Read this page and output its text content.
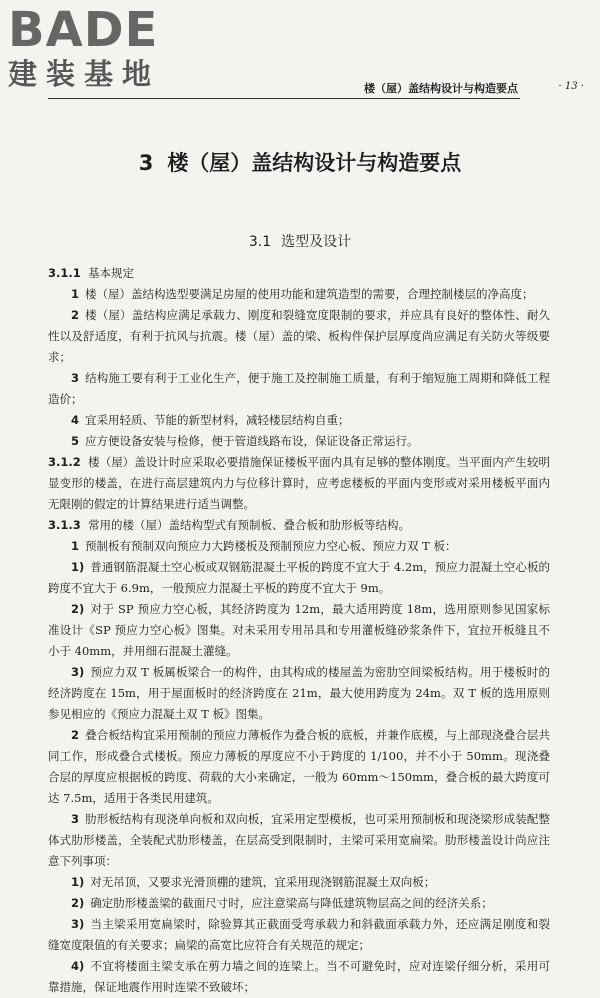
BADE
建装基地	楼（屋）盖结构设计与构造要点	· 13 ·
3 楼（屋）盖结构设计与构造要点
3.1 选型及设计

3.1.1 基本规定

1 楼（屋）盖结构选型要满足房屋的使用功能和建筑造型的需要，合理控制楼层的净高度；

2 楼（屋）盖结构应满足承载力、刚度和裂缝宽度限制的要求，并应具有良好的整体性、耐久性以及舒适度，有利于抗风与抗震。楼（屋）盖的梁、板构件保护层厚度尚应满足有关防火等级要求；

3 结构施工要有利于工业化生产，便于施工及控制施工质量，有利于缩短施工周期和降低工程造价；

4 宜采用轻质、节能的新型材料，减轻楼层结构自重；

5 应方便设备安装与检修，便于管道线路布设，保证设备正常运行。

3.1.2 楼（屋）盖设计时应采取必要措施保证楼板平面内具有足够的整体刚度。当平面内产生较明显变形的楼盖，在进行高层建筑内力与位移计算时，应考虑楼板的平面内变形或对采用楼板平面内无限刚的假定的计算结果进行适当调整。

3.1.3 常用的楼（屋）盖结构型式有预制板、叠合板和肋形板等结构。

1 预制板有预制双向预应力大跨楼板及预制预应力空心板、预应力双 T 板：

1) 普通钢筋混凝土空心板或双钢筋混凝土平板的跨度不宜大于 4.2m，预应力混凝土空心板的跨度不宜大于 6.9m，一般预应力混凝土平板的跨度不宜大于 9m。

2) 对于 SP 预应力空心板，其经济跨度为 12m，最大适用跨度 18m，选用原则参见国家标准设计《SP 预应力空心板》图集。对未采用专用吊具和专用灌板缝砂浆条件下，宜拉开板缝且不小于 40mm，并用细石混凝土灌缝。

3) 预应力双 T 板属板梁合一的构件，由其构成的楼屋盖为密肋空间梁板结构。用于楼板时的经济跨度在 15m，用于屋面板时的经济跨度在 21m，最大使用跨度为 24m。双 T 板的选用原则参见相应的《预应力混凝土双 T 板》图集。

2 叠合板结构宜采用预制的预应力薄板作为叠合板的底板，并兼作底模，与上部现浇叠合层共同工作，形成叠合式楼板。预应力薄板的厚度应不小于跨度的 1/100，并不小于 50mm。现浇叠合层的厚度应根据板的跨度、荷载的大小来确定，一般为 60mm～150mm，叠合板的最大跨度可达 7.5m，适用于各类民用建筑。

3 肋形板结构有现浇单向板和双向板，宜采用定型模板，也可采用预制板和现浇梁形成装配整体式肋形楼盖，全装配式肋形楼盖，在层高受到限制时，主梁可采用宽扁梁。肋形楼盖设计尚应注意下列事项：

1) 对无吊顶，又要求光滑顶棚的建筑，宜采用现浇钢筋混凝土双向板；

2) 确定肋形楼盖梁的截面尺寸时，应注意梁高与降低建筑物层高之间的经济关系；

3) 当主梁采用宽扁梁时，除验算其正截面受弯承载力和斜截面承载力外，还应满足刚度和裂缝宽度限值的有关要求；扁梁的高宽比应符合有关规范的规定；

4) 不宜将楼面主梁支承在剪力墙之间的连梁上。当不可避免时，应对连梁仔细分析，采用可靠措施，保证地震作用时连梁不致破坏；
